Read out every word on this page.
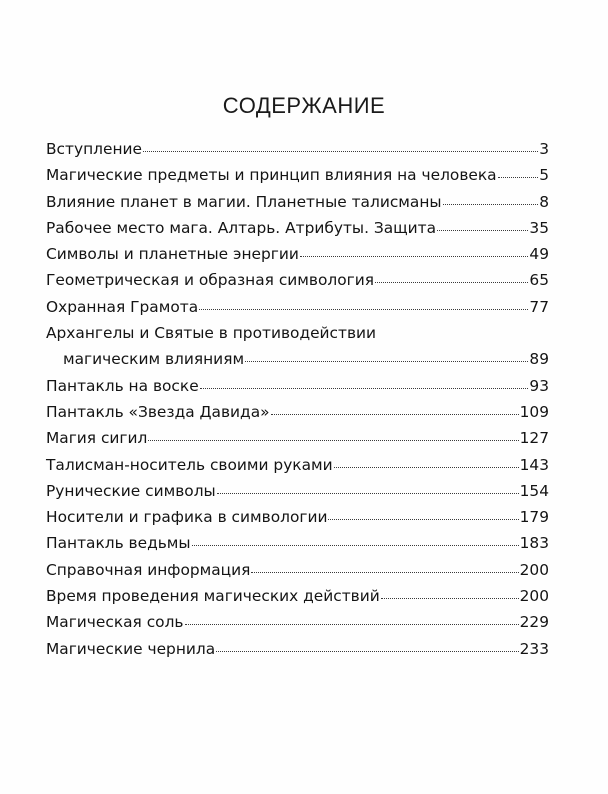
СОДЕРЖАНИЕ
Вступление	3
Магические предметы и принцип влияния на человека	5
Влияние планет в магии. Планетные талисманы	8
Рабочее место мага. Алтарь. Атрибуты. Защита	35
Символы и планетные энергии	49
Геометрическая и образная симвология	65
Охранная Грамота	77
Архангелы и Святые в противодействии
магическим влияниям	89
Пантакль на воске	93
Пантакль «Звезда Давида»	109
Магия сигил	127
Талисман-носитель своими руками	143
Рунические символы	154
Носители и графика в символогии	179
Пантакль ведьмы	183
Справочная информация	200
Время проведения магических действий	200
Магическая соль	229
Магические чернила	233
